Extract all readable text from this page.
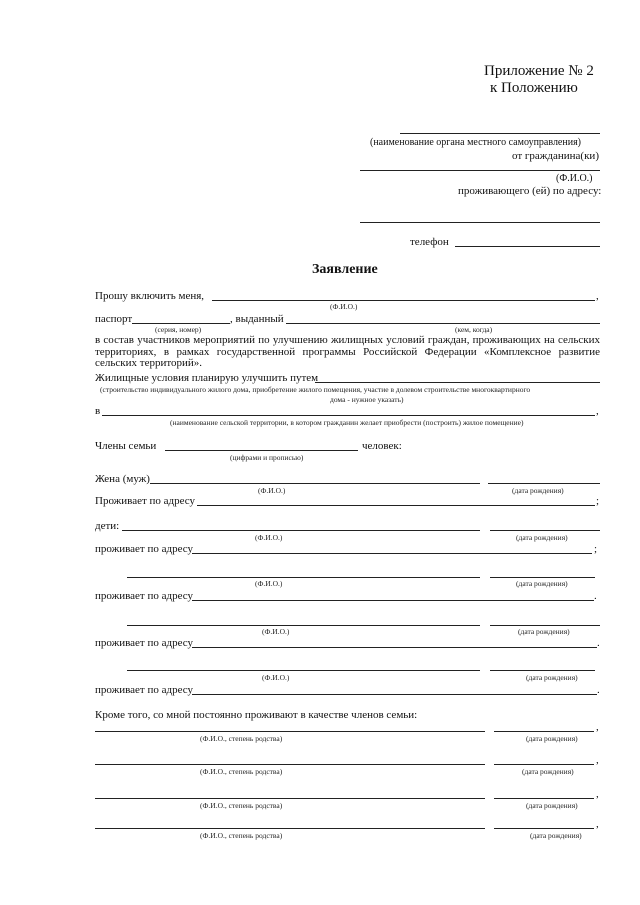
Приложение № 2
к Положению
(наименование органа местного самоуправления)
от гражданина(ки)
(Ф.И.О.)
проживающего (ей) по адресу:
телефон
Заявление
Прошу включить меня,	,
(Ф.И.О.)
паспорт	, выданный
(серия, номер)	(кем, когда)
в состав участников мероприятий по улучшению жилищных условий граждан, проживающих на сельских территориях, в рамках государственной программы Российской Федерации «Комплексное развитие сельских территорий».
Жилищные условия планирую улучшить путем
(строительство индивидуального жилого дома, приобретение жилого помещения, участие в долевом строительстве многоквартирного
дома - нужное указать)
в	,
(наименование сельской территории, в котором гражданин желает приобрести (построить) жилое помещение)
Члены семьи	человек:
(цифрами и прописью)
Жена (муж)
(Ф.И.О.)	(дата рождения)
Проживает по адресу	;
дети:
(Ф.И.О.)	(дата рождения)
проживает по адресу	;
(Ф.И.О.)	(дата рождения)
проживает по адресу	.
(Ф.И.О.)	(дата рождения)
проживает по адресу	.
(Ф.И.О.)	(дата рождения)
проживает по адресу	.
Кроме того, со мной постоянно проживают в качестве членов семьи:
,
(Ф.И.О., степень родства)	(дата рождения)
,
(Ф.И.О., степень родства)	(дата рождения)
,
(Ф.И.О., степень родства)	(дата рождения)
,
(Ф.И.О., степень родства)	(дата рождения)
